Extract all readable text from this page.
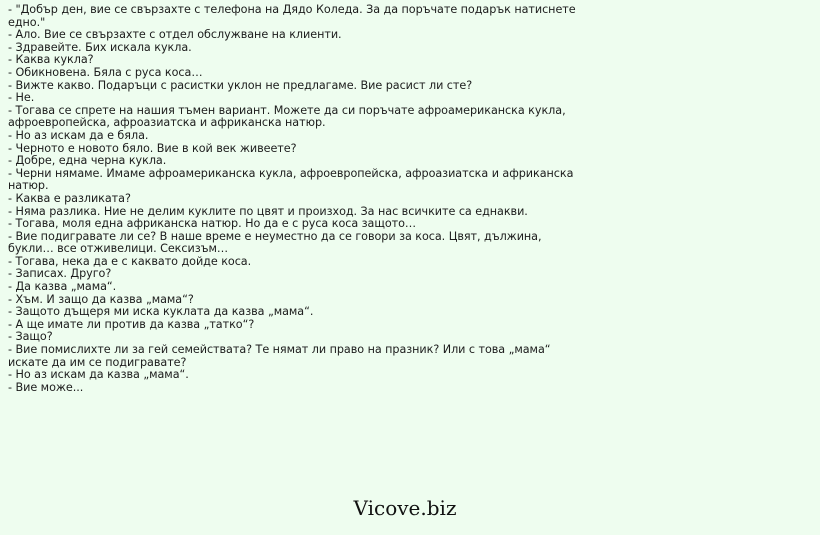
- "Добър ден, вие се свързахте с телефона на Дядо Коледа. За да поръчате подарък натиснете едно."
- Ало. Вие се свързахте с отдел обслужване на клиенти.
- Здравейте. Бих искала кукла.
- Каква кукла?
- Обикновена. Бяла с руса коса…
- Вижте какво. Подаръци с расистки уклон не предлагаме. Вие расист ли сте?
- Не.
- Тогава се спрете на нашия тъмен вариант. Можете да си поръчате афроамериканска кукла, афроевропейска, афроазиатска и африканска натюр.
- Но аз искам да е бяла.
- Черното е новото бяло. Вие в кой век живеете?
- Добре, една черна кукла.
- Черни нямаме. Имаме афроамериканска кукла, афроевропейска, афроазиатска и африканска натюр.
- Каква е разликата?
- Няма разлика. Ние не делим куклите по цвят и произход. За нас всичките са еднакви.
- Тогава, моля една африканска натюр. Но да е с руса коса защото…
- Вие подигравате ли се? В наше време е неуместно да се говори за коса. Цвят, дължина, букли… все отживелици. Сексизъм…
- Тогава, нека да е с каквато дойде коса.
- Записах. Друго?
- Да казва „мама“.
- Хъм. И защо да казва „мама“?
- Защото дъщеря ми иска куклата да казва „мама“.
- А ще имате ли против да казва „татко“?
- Защо?
- Вие помислихте ли за гей семействата? Те нямат ли право на празник? Или с това „мама“ искате да им се подигравате?
- Но аз искам да казва „мама“.
- Вие може...
Vicove.biz
